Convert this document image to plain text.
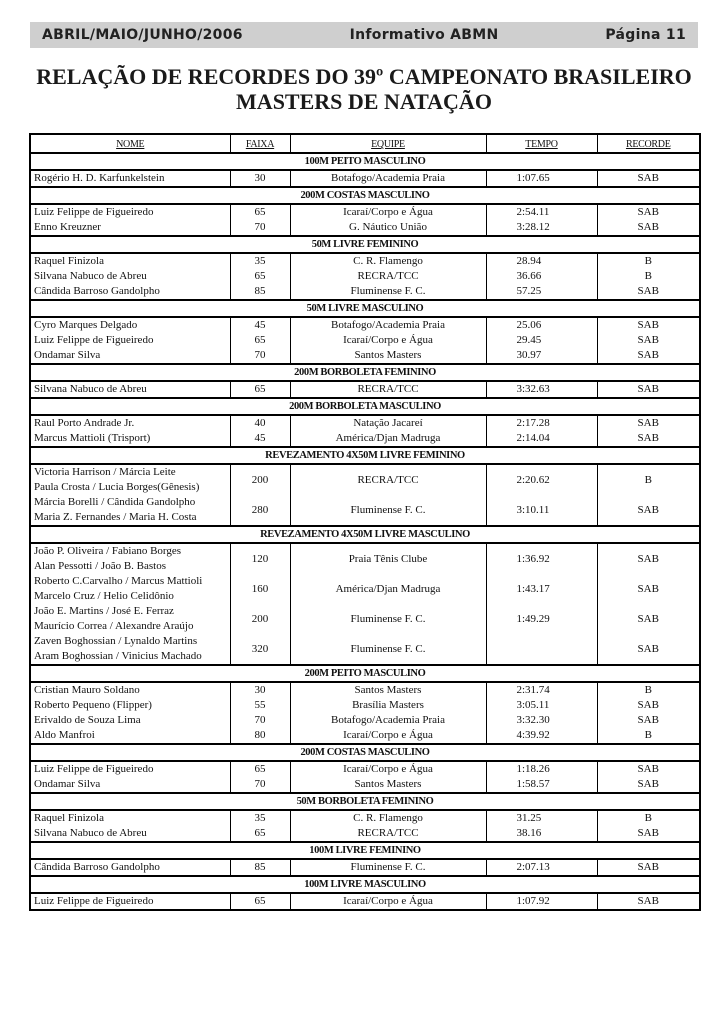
ABRIL/MAIO/JUNHO/2006	Informativo ABMN	Página 11
RELAÇÃO DE RECORDES DO 39º CAMPEONATO BRASILEIRO
MASTERS DE NATAÇÃO
NOME	FAIXA	EQUIPE	TEMPO	RECORDE
100M PEITO MASCULINO				

Rogério H. D. Karfunkelstein	30	Botafogo/Academia Praia	1:07.65	SAB
200M COSTAS MASCULINO				

Luiz Felippe de Figueiredo	65	Icaraí/Corpo e Água	2:54.11	SAB

Enno Kreuzner	70	G. Náutico União	3:28.12	SAB
50M LIVRE FEMININO				

Raquel Finizola	35	C. R. Flamengo	28.94	B

Silvana Nabuco de Abreu	65	RECRA/TCC	36.66	B

Cândida Barroso Gandolpho	85	Fluminense F. C.	57.25	SAB
50M LIVRE MASCULINO				

Cyro Marques Delgado	45	Botafogo/Academia Praia	25.06	SAB

Luiz Felippe de Figueiredo	65	Icaraí/Corpo e Água	29.45	SAB

Ondamar Silva	70	Santos Masters	30.97	SAB
200M BORBOLETA FEMININO				

Silvana Nabuco de Abreu	65	RECRA/TCC	3:32.63	SAB
200M BORBOLETA MASCULINO				

Raul Porto Andrade Jr.	40	Natação Jacareí	2:17.28	SAB

Marcus Mattioli (Trisport)	45	América/Djan Madruga	2:14.04	SAB
REVEZAMENTO 4X50M LIVRE FEMININO				

Victoria Harrison / Márcia Leite
Paula Crosta / Lucia Borges(Gênesis)	200	RECRA/TCC	2:20.62	B

Márcia Borelli / Cândida Gandolpho
Maria Z. Fernandes / Maria H. Costa	280	Fluminense F. C.	3:10.11	SAB
REVEZAMENTO 4X50M LIVRE MASCULINO				

João P. Oliveira / Fabiano Borges
Alan Pessotti / João B. Bastos	120	Praia Tênis Clube	1:36.92	SAB

Roberto C.Carvalho / Marcus Mattioli
Marcelo Cruz / Helio Celidônio	160	América/Djan Madruga	1:43.17	SAB

João E. Martins / José E. Ferraz
Maurício Correa / Alexandre Araújo	200	Fluminense F. C.	1:49.29	SAB

Zaven Boghossian / Lynaldo Martins
Aram Boghossian / Vinicius Machado	320	Fluminense F. C.		SAB
200M PEITO MASCULINO				

Cristian Mauro Soldano	30	Santos Masters	2:31.74	B

Roberto Pequeno (Flipper)	55	Brasília Masters	3:05.11	SAB

Erivaldo de Souza Lima	70	Botafogo/Academia Praia	3:32.30	SAB

Aldo Manfroi	80	Icaraí/Corpo e Água	4:39.92	B
200M COSTAS MASCULINO				

Luiz Felippe de Figueiredo	65	Icaraí/Corpo e Água	1:18.26	SAB

Ondamar Silva	70	Santos Masters	1:58.57	SAB
50M BORBOLETA FEMININO				

Raquel Finizola	35	C. R. Flamengo	31.25	B

Silvana Nabuco de Abreu	65	RECRA/TCC	38.16	SAB
100M LIVRE FEMININO				

Cândida Barroso Gandolpho	85	Fluminense F. C.	2:07.13	SAB
100M LIVRE MASCULINO				

Luiz Felippe de Figueiredo	65	Icaraí/Corpo e Água	1:07.92	SAB
